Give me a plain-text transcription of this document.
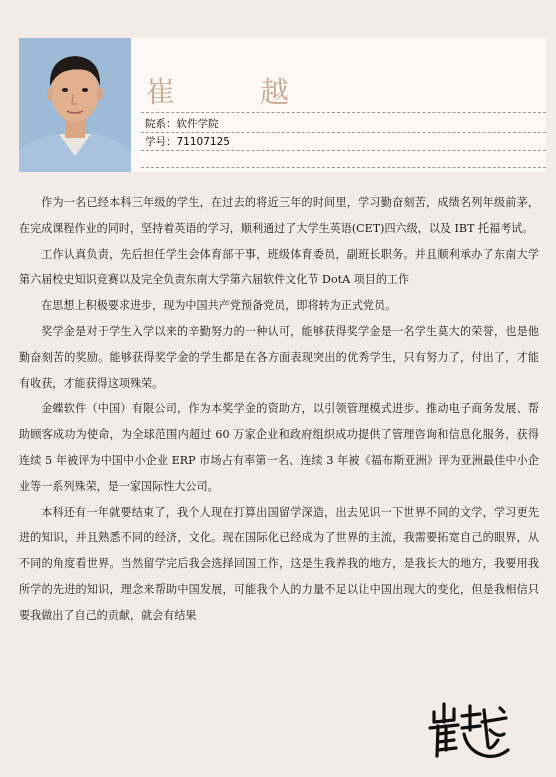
崔　越
院系：软件学院
学号：71107125

作为一名已经本科三年级的学生，在过去的将近三年的时间里，学习勤奋刻苦，成绩名列年级前茅，在完成课程作业的同时，坚持着英语的学习，顺利通过了大学生英语(CET)四六级，以及 IBT 托福考试。

工作认真负责，先后担任学生会体育部干事，班级体育委员，副班长职务。并且顺利承办了东南大学第六届校史知识竞赛以及完全负责东南大学第六届软件文化节 DotA 项目的工作

在思想上积极要求进步，现为中国共产党预备党员，即将转为正式党员。

奖学金是对于学生入学以来的辛勤努力的一种认可，能够获得奖学金是一名学生莫大的荣誉，也是他勤奋刻苦的奖励。能够获得奖学金的学生都是在各方面表现突出的优秀学生，只有努力了，付出了，才能有收获，才能获得这项殊荣。

金蝶软件（中国）有限公司，作为本奖学金的资助方，以引领管理模式进步、推动电子商务发展、帮助顾客成功为使命，为全球范围内超过 60 万家企业和政府组织成功提供了管理咨询和信息化服务，获得连续 5 年被评为中国中小企业 ERP 市场占有率第一名、连续 3 年被《福布斯亚洲》评为亚洲最佳中小企业等一系列殊荣，是一家国际性大公司。

本科还有一年就要结束了，我个人现在打算出国留学深造，出去见识一下世界不同的文学，学习更先进的知识，并且熟悉不同的经济，文化。现在国际化已经成为了世界的主流，我需要拓宽自己的眼界，从不同的角度看世界。当然留学完后我会选择回国工作，这是生我养我的地方，是我长大的地方，我要用我所学的先进的知识，理念来帮助中国发展，可能我个人的力量不足以让中国出现大的变化，但是我相信只要我做出了自己的贡献，就会有结果
